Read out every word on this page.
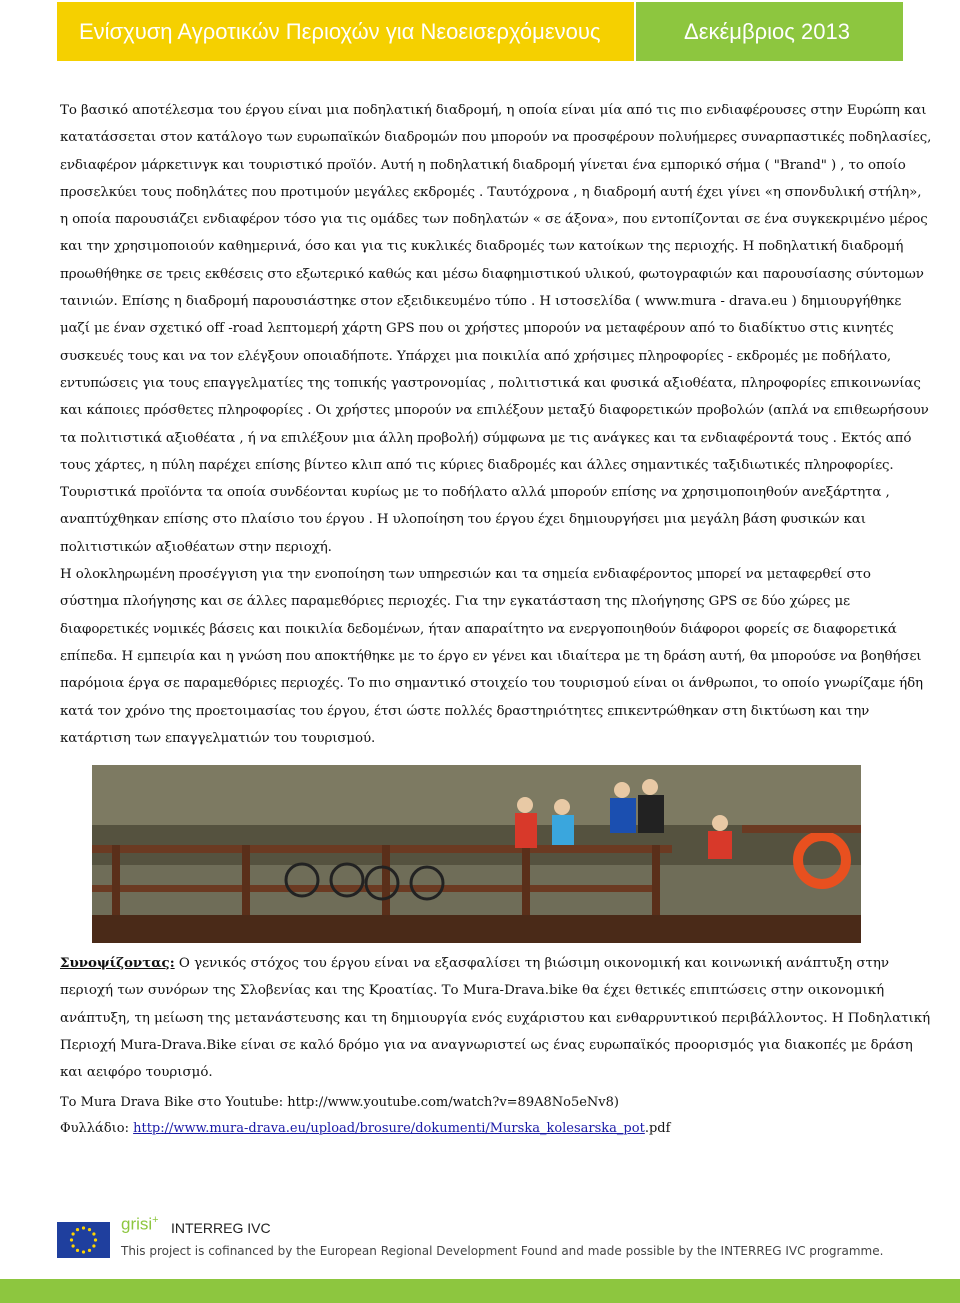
Ενίσχυση Αγροτικών Περιοχών για Νεοεισερχόμενους	Δεκέμβριος 2013

Το βασικό αποτέλεσμα του έργου είναι μια ποδηλατική διαδρομή, η οποία είναι μία από τις πιο ενδιαφέρουσες στην Ευρώπη και κατατάσσεται στον κατάλογο των ευρωπαϊκών διαδρομών που μπορούν να προσφέρουν πολυήμερες συναρπαστικές ποδηλασίες, ενδιαφέρον μάρκετινγκ και τουριστικό προϊόν. Αυτή η ποδηλατική διαδρομή γίνεται ένα εμπορικό σήμα ( "Brand" ) , το οποίο προσελκύει τους ποδηλάτες που προτιμούν μεγάλες εκδρομές . Ταυτόχρονα , η διαδρομή αυτή έχει γίνει «η σπονδυλική στήλη», η οποία παρουσιάζει ενδιαφέρον τόσο για τις ομάδες των ποδηλατών « σε άξονα», που εντοπίζονται σε ένα συγκεκριμένο μέρος και την χρησιμοποιούν καθημερινά, όσο και για τις κυκλικές διαδρομές των κατοίκων της περιοχής. Η ποδηλατική διαδρομή προωθήθηκε σε τρεις εκθέσεις στο εξωτερικό καθώς και μέσω διαφημιστικού υλικού, φωτογραφιών και παρουσίασης σύντομων ταινιών. Επίσης η διαδρομή παρουσιάστηκε στον εξειδικευμένο τύπο . Η ιστοσελίδα ( www.mura - drava.eu ) δημιουργήθηκε μαζί με έναν σχετικό off -road λεπτομερή χάρτη GPS που οι χρήστες μπορούν να μεταφέρουν από το διαδίκτυο στις κινητές συσκευές τους και να τον ελέγξουν οποιαδήποτε. Υπάρχει μια ποικιλία από χρήσιμες πληροφορίες - εκδρομές με ποδήλατο, εντυπώσεις για τους επαγγελματίες της τοπικής γαστρονομίας , πολιτιστικά και φυσικά αξιοθέατα, πληροφορίες επικοινωνίας και κάποιες πρόσθετες πληροφορίες . Οι χρήστες μπορούν να επιλέξουν μεταξύ διαφορετικών προβολών (απλά να επιθεωρήσουν τα πολιτιστικά αξιοθέατα , ή να επιλέξουν μια άλλη προβολή) σύμφωνα με τις ανάγκες και τα ενδιαφέροντά τους . Εκτός από τους χάρτες, η πύλη παρέχει επίσης βίντεο κλιπ από τις κύριες διαδρομές και άλλες σημαντικές ταξιδιωτικές πληροφορίες. Τουριστικά προϊόντα τα οποία συνδέονται κυρίως με το ποδήλατο αλλά μπορούν επίσης να χρησιμοποιηθούν ανεξάρτητα , αναπτύχθηκαν επίσης στο πλαίσιο του έργου . Η υλοποίηση του έργου έχει δημιουργήσει μια μεγάλη βάση φυσικών και πολιτιστικών αξιοθέατων στην περιοχή.

Η ολοκληρωμένη προσέγγιση για την ενοποίηση των υπηρεσιών και τα σημεία ενδιαφέροντος μπορεί να μεταφερθεί στο σύστημα πλοήγησης και σε άλλες παραμεθόριες περιοχές. Για την εγκατάσταση της πλοήγησης GPS σε δύο χώρες με διαφορετικές νομικές βάσεις και ποικιλία δεδομένων, ήταν απαραίτητο να ενεργοποιηθούν διάφοροι φορείς σε διαφορετικά επίπεδα. Η εμπειρία και η γνώση που αποκτήθηκε με το έργο εν γένει και ιδιαίτερα με τη δράση αυτή, θα μπορούσε να βοηθήσει παρόμοια έργα σε παραμεθόριες περιοχές. Το πιο σημαντικό στοιχείο του τουρισμού είναι οι άνθρωποι, το οποίο γνωρίζαμε ήδη κατά τον χρόνο της προετοιμασίας του έργου, έτσι ώστε πολλές δραστηριότητες επικεντρώθηκαν στη δικτύωση και την κατάρτιση των επαγγελματιών του τουρισμού.

Συνοψίζοντας: Ο γενικός στόχος του έργου είναι να εξασφαλίσει τη βιώσιμη οικονομική και κοινωνική ανάπτυξη στην περιοχή των συνόρων της Σλοβενίας και της Κροατίας. Το Mura-Drava.bike θα έχει θετικές επιπτώσεις στην οικονομική ανάπτυξη, τη μείωση της μετανάστευσης και τη δημιουργία ενός ευχάριστου και ενθαρρυντικού περιβάλλοντος. Η Ποδηλατική Περιοχή Mura-Drava.Bike είναι σε καλό δρόμο για να αναγνωριστεί ως ένας ευρωπαϊκός προορισμός για διακοπές με δράση και αειφόρο τουρισμό.

Το Mura Drava Bike στο Youtube: http://www.youtube.com/watch?v=89A8No5eNv8)

Φυλλάδιο: http://www.mura-drava.eu/upload/brosure/dokumenti/Murska_kolesarska_pot.pdf

grisi+ INTERREG IVC
This project is cofinanced by the European Regional Development Found and made possible by the INTERREG IVC programme.
